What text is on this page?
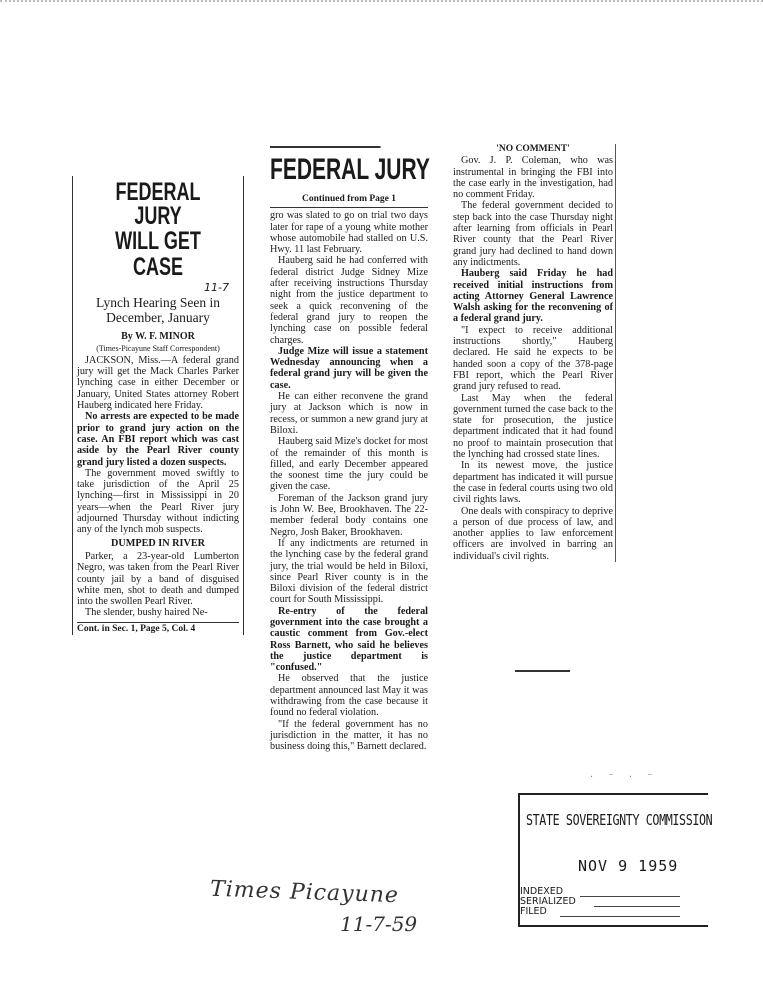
FEDERAL JURY
WILL GET CASE
11-7
Lynch Hearing Seen in December, January
By W. F. MINOR
(Times-Picayune Staff Correspondent)

JACKSON, Miss.—A federal grand jury will get the Mack Charles Parker lynching case in either December or January, United States attorney Robert Hauberg indicated here Friday.

No arrests are expected to be made prior to grand jury action on the case. An FBI report which was cast aside by the Pearl River county grand jury listed a dozen suspects.

The government moved swiftly to take jurisdiction of the April 25 lynching—first in Mississippi in 20 years—when the Pearl River jury adjourned Thursday without indicting any of the lynch mob suspects.

DUMPED IN RIVER

Parker, a 23-year-old Lumberton Negro, was taken from the Pearl River county jail by a band of disguised white men, shot to death and dumped into the swollen Pearl River.

The slender, bushy haired Ne-

Cont. in Sec. 1, Page 5, Col. 4

FEDERAL JURY
Continued from Page 1

gro was slated to go on trial two days later for rape of a young white mother whose automobile had stalled on U.S. Hwy. 11 last February.

Hauberg said he had conferred with federal district Judge Sidney Mize after receiving instructions Thursday night from the justice department to seek a quick reconvening of the federal grand jury to reopen the lynching case on possible federal charges.

Judge Mize will issue a statement Wednesday announcing when a federal grand jury will be given the case.

He can either reconvene the grand jury at Jackson which is now in recess, or summon a new grand jury at Biloxi.

Hauberg said Mize's docket for most of the remainder of this month is filled, and early December appeared the soonest time the jury could be given the case.

Foreman of the Jackson grand jury is John W. Bee, Brookhaven. The 22-member federal body contains one Negro, Josh Baker, Brookhaven.

If any indictments are returned in the lynching case by the federal grand jury, the trial would be held in Biloxi, since Pearl River county is in the Biloxi division of the federal district court for South Mississippi.

Re-entry of the federal government into the case brought a caustic comment from Gov.-elect Ross Barnett, who said he believes the justice department is "confused."

He observed that the justice department announced last May it was withdrawing from the case because it found no federal violation.

"If the federal government has no jurisdiction in the matter, it has no business doing this," Barnett declared.

'NO COMMENT'

Gov. J. P. Coleman, who was instrumental in bringing the FBI into the case early in the investigation, had no comment Friday.

The federal government decided to step back into the case Thursday night after learning from officials in Pearl River county that the Pearl River grand jury had declined to hand down any indictments.

Hauberg said Friday he had received initial instructions from acting Attorney General Lawrence Walsh asking for the reconvening of a federal grand jury.

"I expect to receive additional instructions shortly," Hauberg declared. He said he expects to be handed soon a copy of the 378-page FBI report, which the Pearl River grand jury refused to read.

Last May when the federal government turned the case back to the state for prosecution, the justice department indicated that it had found no proof to maintain prosecution that the lynching had crossed state lines.

In its newest move, the justice department has indicated it will pursue the case in federal courts using two old civil rights laws.

One deals with conspiracy to deprive a person of due process of law, and another applies to law enforcement officers are involved in barring an individual's civil rights.

· ⁻ · ⁻
STATE SOVEREIGNTY COMMISSION
NOV 9 1959
INDEXED
SERIALIZED
FILED
Times Picayune
11-7-59
